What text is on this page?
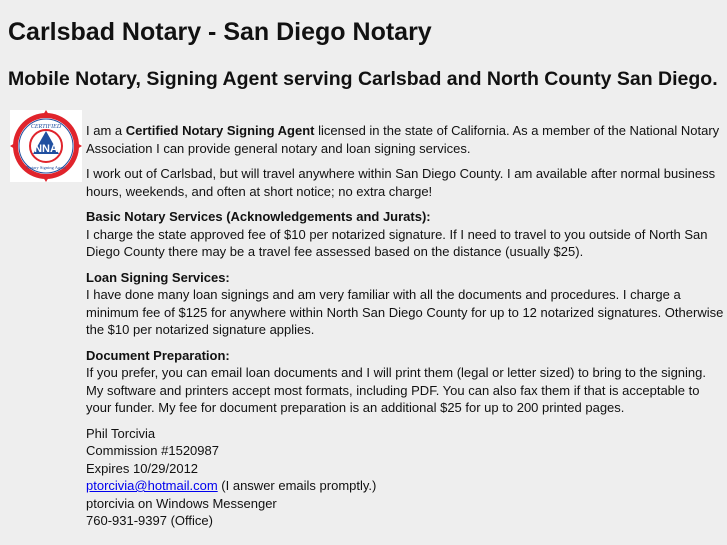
Carlsbad Notary - San Diego Notary
Mobile Notary, Signing Agent serving Carlsbad and North County San Diego.
NNA
CERTIFIED
Notary Signing Agent

I am a Certified Notary Signing Agent licensed in the state of California. As a member of the National Notary Association I can provide general notary and loan signing services.

I work out of Carlsbad, but will travel anywhere within San Diego County. I am available after normal business hours, weekends, and often at short notice; no extra charge!

Basic Notary Services (Acknowledgements and Jurats):
I charge the state approved fee of $10 per notarized signature. If I need to travel to you outside of North San Diego County there may be a travel fee assessed based on the distance (usually $25).

Loan Signing Services:
I have done many loan signings and am very familiar with all the documents and procedures. I charge a minimum fee of $125 for anywhere within North San Diego County for up to 12 notarized signatures. Otherwise the $10 per notarized signature applies.

Document Preparation:
If you prefer, you can email loan documents and I will print them (legal or letter sized) to bring to the signing. My software and printers accept most formats, including PDF. You can also fax them if that is acceptable to your funder. My fee for document preparation is an additional $25 for up to 200 printed pages.

Phil Torcivia
Commission #1520987
Expires 10/29/2012
ptorcivia@hotmail.com (I answer emails promptly.)
ptorcivia on Windows Messenger
760-931-9397 (Office)
